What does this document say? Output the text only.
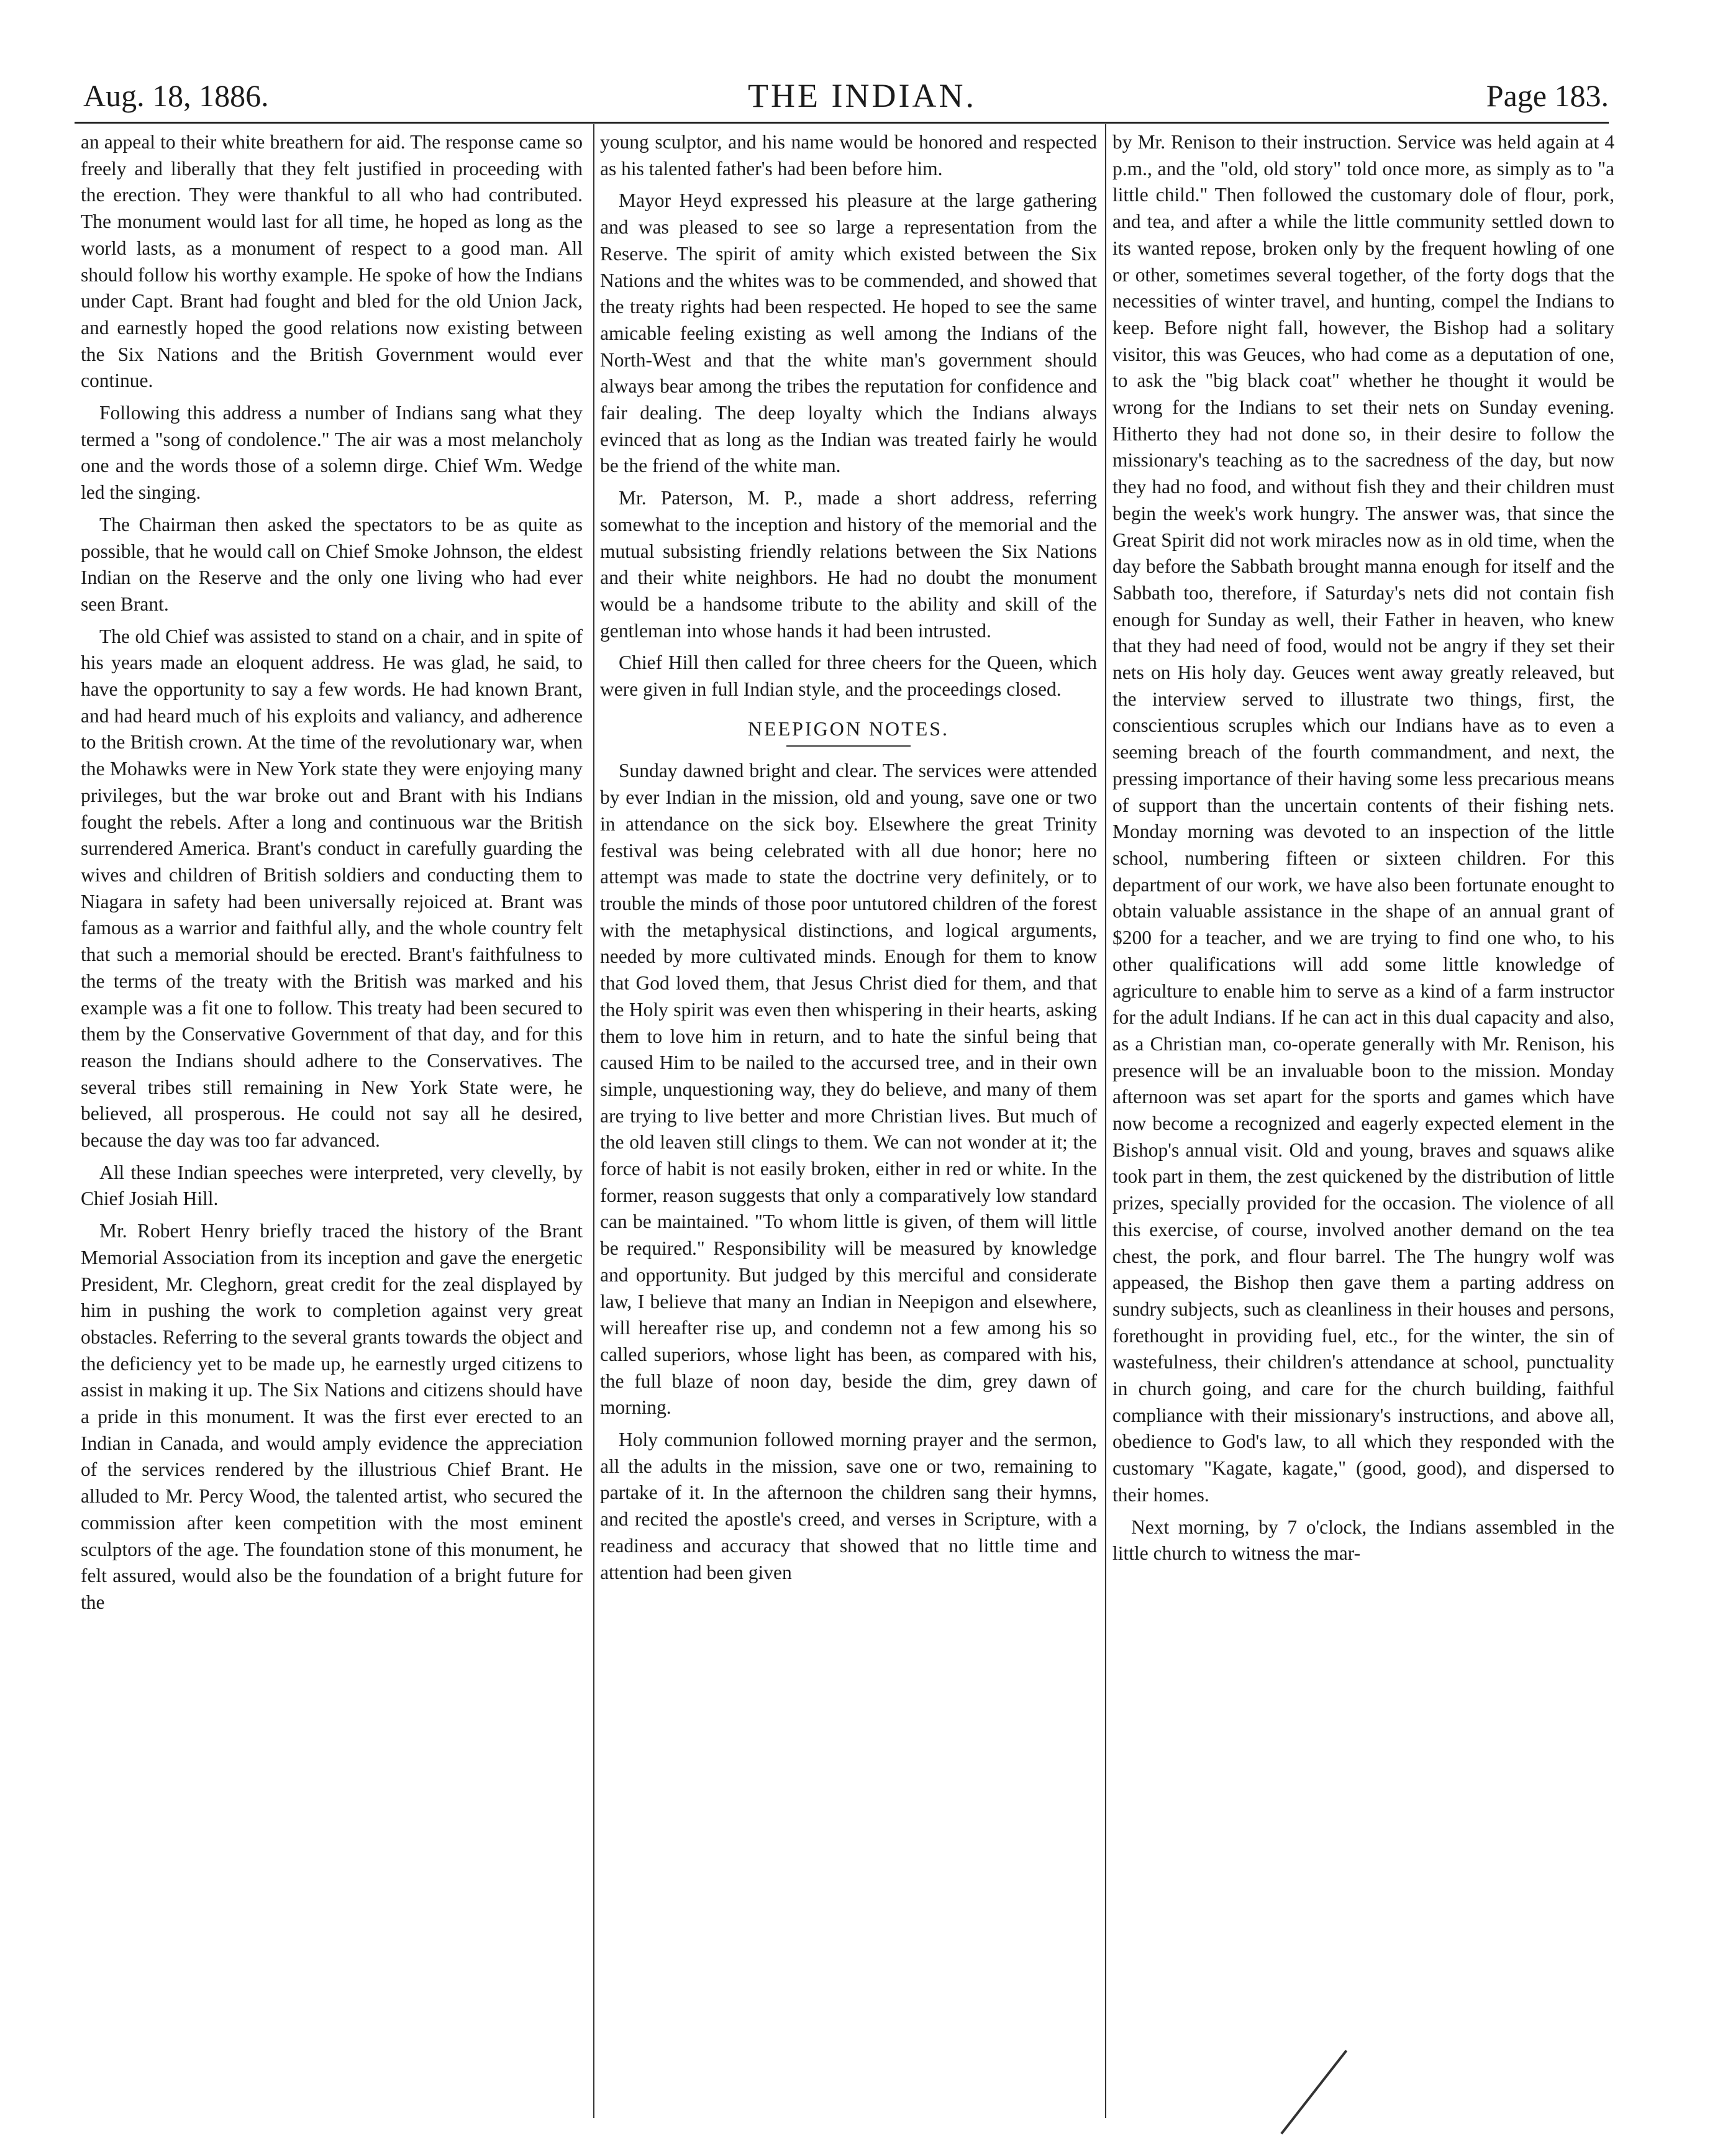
Aug. 18, 1886.	THE INDIAN.	Page 183.

an appeal to their white breathern for aid. The response came so freely and liberally that they felt justified in proceeding with the erection. They were thankful to all who had contributed. The monument would last for all time, he hoped as long as the world lasts, as a monument of respect to a good man. All should follow his worthy example. He spoke of how the Indians under Capt. Brant had fought and bled for the old Union Jack, and earnestly hoped the good relations now existing between the Six Nations and the British Government would ever continue.

Following this address a number of Indians sang what they termed a "song of condolence." The air was a most melancholy one and the words those of a solemn dirge. Chief Wm. Wedge led the singing.

The Chairman then asked the spectators to be as quite as possible, that he would call on Chief Smoke Johnson, the eldest Indian on the Reserve and the only one living who had ever seen Brant.

The old Chief was assisted to stand on a chair, and in spite of his years made an eloquent address. He was glad, he said, to have the opportunity to say a few words. He had known Brant, and had heard much of his exploits and valiancy, and adherence to the British crown. At the time of the revolutionary war, when the Mohawks were in New York state they were enjoying many privileges, but the war broke out and Brant with his Indians fought the rebels. After a long and continuous war the British surrendered America. Brant's conduct in carefully guarding the wives and children of British soldiers and conducting them to Niagara in safety had been universally rejoiced at. Brant was famous as a warrior and faithful ally, and the whole country felt that such a memorial should be erected. Brant's faithfulness to the terms of the treaty with the British was marked and his example was a fit one to follow. This treaty had been secured to them by the Conservative Government of that day, and for this reason the Indians should adhere to the Conservatives. The several tribes still remaining in New York State were, he believed, all prosperous. He could not say all he desired, because the day was too far advanced.

All these Indian speeches were interpreted, very clevelly, by Chief Josiah Hill.

Mr. Robert Henry briefly traced the history of the Brant Memorial Association from its inception and gave the energetic President, Mr. Cleghorn, great credit for the zeal displayed by him in pushing the work to completion against very great obstacles. Referring to the several grants towards the object and the deficiency yet to be made up, he earnestly urged citizens to assist in making it up. The Six Nations and citizens should have a pride in this monument. It was the first ever erected to an Indian in Canada, and would amply evidence the appreciation of the services rendered by the illustrious Chief Brant. He alluded to Mr. Percy Wood, the talented artist, who secured the commission after keen competition with the most eminent sculptors of the age. The foundation stone of this monument, he felt assured, would also be the foundation of a bright future for the

young sculptor, and his name would be honored and respected as his talented father's had been before him.

Mayor Heyd expressed his pleasure at the large gathering and was pleased to see so large a representation from the Reserve. The spirit of amity which existed between the Six Nations and the whites was to be commended, and showed that the treaty rights had been respected. He hoped to see the same amicable feeling existing as well among the Indians of the North-West and that the white man's government should always bear among the tribes the reputation for confidence and fair dealing. The deep loyalty which the Indians always evinced that as long as the Indian was treated fairly he would be the friend of the white man.

Mr. Paterson, M. P., made a short address, referring somewhat to the inception and history of the memorial and the mutual subsisting friendly relations between the Six Nations and their white neighbors. He had no doubt the monument would be a handsome tribute to the ability and skill of the gentleman into whose hands it had been intrusted.

Chief Hill then called for three cheers for the Queen, which were given in full Indian style, and the proceedings closed.

NEEPIGON NOTES.

Sunday dawned bright and clear. The services were attended by ever Indian in the mission, old and young, save one or two in attendance on the sick boy. Elsewhere the great Trinity festival was being celebrated with all due honor; here no attempt was made to state the doctrine very definitely, or to trouble the minds of those poor untutored children of the forest with the metaphysical distinctions, and logical arguments, needed by more cultivated minds. Enough for them to know that God loved them, that Jesus Christ died for them, and that the Holy spirit was even then whispering in their hearts, asking them to love him in return, and to hate the sinful being that caused Him to be nailed to the accursed tree, and in their own simple, unquestioning way, they do believe, and many of them are trying to live better and more Christian lives. But much of the old leaven still clings to them. We can not wonder at it; the force of habit is not easily broken, either in red or white. In the former, reason suggests that only a comparatively low standard can be maintained. "To whom little is given, of them will little be required." Responsibility will be measured by knowledge and opportunity. But judged by this merciful and considerate law, I believe that many an Indian in Neepigon and elsewhere, will hereafter rise up, and condemn not a few among his so called superiors, whose light has been, as compared with his, the full blaze of noon day, beside the dim, grey dawn of morning.

Holy communion followed morning prayer and the sermon, all the adults in the mission, save one or two, remaining to partake of it. In the afternoon the children sang their hymns, and recited the apostle's creed, and verses in Scripture, with a readiness and accuracy that showed that no little time and attention had been given

by Mr. Renison to their instruction. Service was held again at 4 p.m., and the "old, old story" told once more, as simply as to "a little child." Then followed the customary dole of flour, pork, and tea, and after a while the little community settled down to its wanted repose, broken only by the frequent howling of one or other, sometimes several together, of the forty dogs that the necessities of winter travel, and hunting, compel the Indians to keep. Before night fall, however, the Bishop had a solitary visitor, this was Geuces, who had come as a deputation of one, to ask the "big black coat" whether he thought it would be wrong for the Indians to set their nets on Sunday evening. Hitherto they had not done so, in their desire to follow the missionary's teaching as to the sacredness of the day, but now they had no food, and without fish they and their children must begin the week's work hungry. The answer was, that since the Great Spirit did not work miracles now as in old time, when the day before the Sabbath brought manna enough for itself and the Sabbath too, therefore, if Saturday's nets did not contain fish enough for Sunday as well, their Father in heaven, who knew that they had need of food, would not be angry if they set their nets on His holy day. Geuces went away greatly releaved, but the interview served to illustrate two things, first, the conscientious scruples which our Indians have as to even a seeming breach of the fourth commandment, and next, the pressing importance of their having some less precarious means of support than the uncertain contents of their fishing nets. Monday morning was devoted to an inspection of the little school, numbering fifteen or sixteen children. For this department of our work, we have also been fortunate enought to obtain valuable assistance in the shape of an annual grant of $200 for a teacher, and we are trying to find one who, to his other qualifications will add some little knowledge of agriculture to enable him to serve as a kind of a farm instructor for the adult Indians. If he can act in this dual capacity and also, as a Christian man, co-operate generally with Mr. Renison, his presence will be an invaluable boon to the mission. Monday afternoon was set apart for the sports and games which have now become a recognized and eagerly expected element in the Bishop's annual visit. Old and young, braves and squaws alike took part in them, the zest quickened by the distribution of little prizes, specially provided for the occasion. The violence of all this exercise, of course, involved another demand on the tea chest, the pork, and flour barrel. The The hungry wolf was appeased, the Bishop then gave them a parting address on sundry subjects, such as cleanliness in their houses and persons, forethought in providing fuel, etc., for the winter, the sin of wastefulness, their children's attendance at school, punctuality in church going, and care for the church building, faithful compliance with their missionary's instructions, and above all, obedience to God's law, to all which they responded with the customary "Kagate, kagate," (good, good), and dispersed to their homes.

Next morning, by 7 o'clock, the Indians assembled in the little church to witness the mar-
